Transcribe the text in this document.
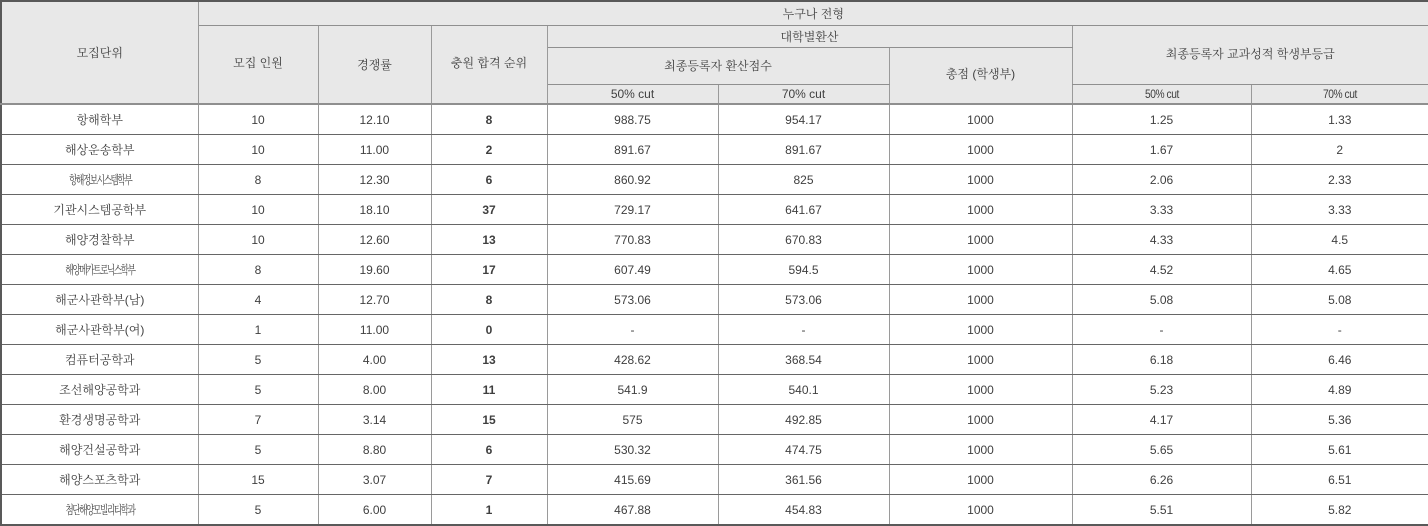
모집단위	누구나 전형							
	모집 인원	경쟁률	충원 합격 순위	대학별환산			최종등록자 교과성적 학생부등급	
				최종등록자 환산점수		총점 (학생부)		
				50% cut	70% cut		50% cut	70% cut
항해학부	10	12.10	8	988.75	954.17	1000	1.25	1.33
해상운송학부	10	11.00	2	891.67	891.67	1000	1.67	2
항해정보시스템학부	8	12.30	6	860.92	825	1000	2.06	2.33
기관시스템공학부	10	18.10	37	729.17	641.67	1000	3.33	3.33
해양경찰학부	10	12.60	13	770.83	670.83	1000	4.33	4.5
해양메카트로닉스학부	8	19.60	17	607.49	594.5	1000	4.52	4.65
해군사관학부(남)	4	12.70	8	573.06	573.06	1000	5.08	5.08
해군사관학부(여)	1	11.00	0	-	-	1000	-	-
컴퓨터공학과	5	4.00	13	428.62	368.54	1000	6.18	6.46
조선해양공학과	5	8.00	11	541.9	540.1	1000	5.23	4.89
환경생명공학과	7	3.14	15	575	492.85	1000	4.17	5.36
해양건설공학과	5	8.80	6	530.32	474.75	1000	5.65	5.61
해양스포츠학과	15	3.07	7	415.69	361.56	1000	6.26	6.51
첨단해양모빌리티학과	5	6.00	1	467.88	454.83	1000	5.51	5.82
